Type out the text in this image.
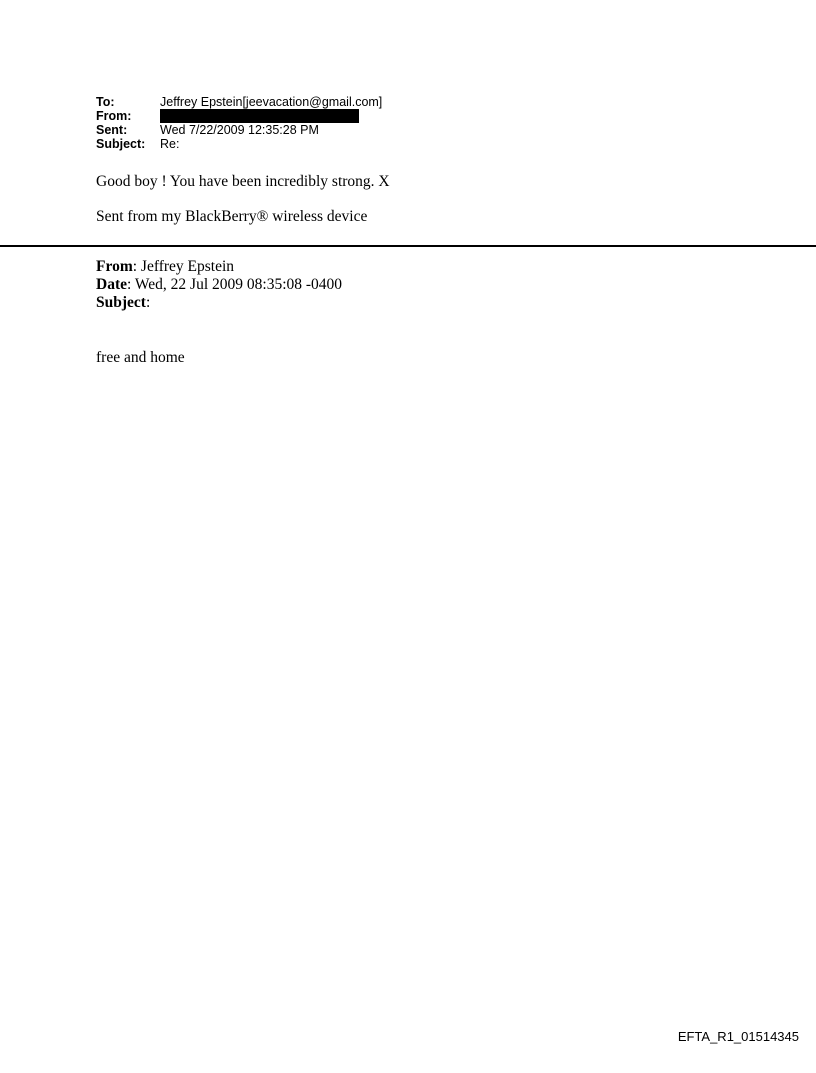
To:	Jeffrey Epstein[jeevacation@gmail.com]
From:
Sent:	Wed 7/22/2009 12:35:28 PM
Subject:	Re:
Good boy ! You have been incredibly strong. X
Sent from my BlackBerry® wireless device
From: Jeffrey Epstein
Date: Wed, 22 Jul 2009 08:35:08 -0400
Subject:
free and home
EFTA_R1_01514345
